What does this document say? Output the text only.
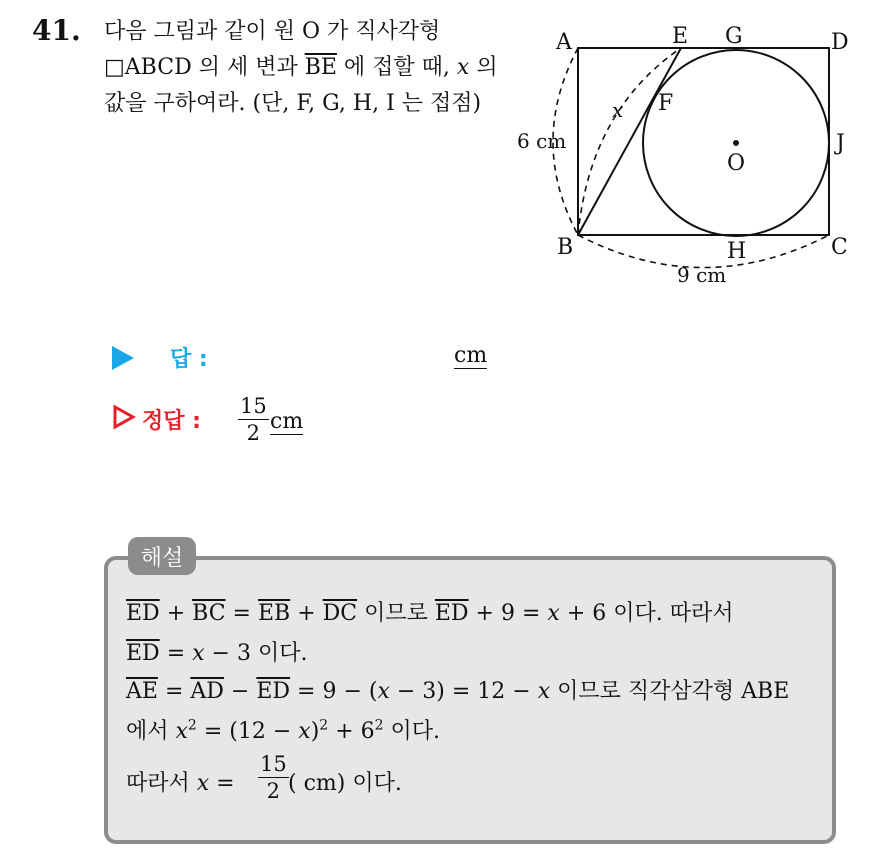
41. 다음 그림과 같이 원 O 가 직사각형 □ABCD 의 세 변과 $\overline{BE}$ 에 접할 때, x 의 값을 구하여라. (단, F, G, H, I 는 접점)
A	E G	D
F
J
O
B	H	C
x
6 cm
9 cm
답 :	cm
정답 : $\frac{15}{2}$ cm
해설
$\overline{ED} + \overline{BC} = \overline{EB} + \overline{DC}$ 이므로 $\overline{ED} + 9 = x + 6$ 이다. 따라서
$\overline{ED} = x - 3$ 이다.
$\overline{AE} = \overline{AD} - \overline{ED} = 9 - (x - 3) = 12 - x$ 이므로 직각삼각형 ABE
에서 $x^2 = (12 - x)^2 + 6^2$ 이다.
따라서 $x = \frac{15}{2}$ ( cm) 이다.
